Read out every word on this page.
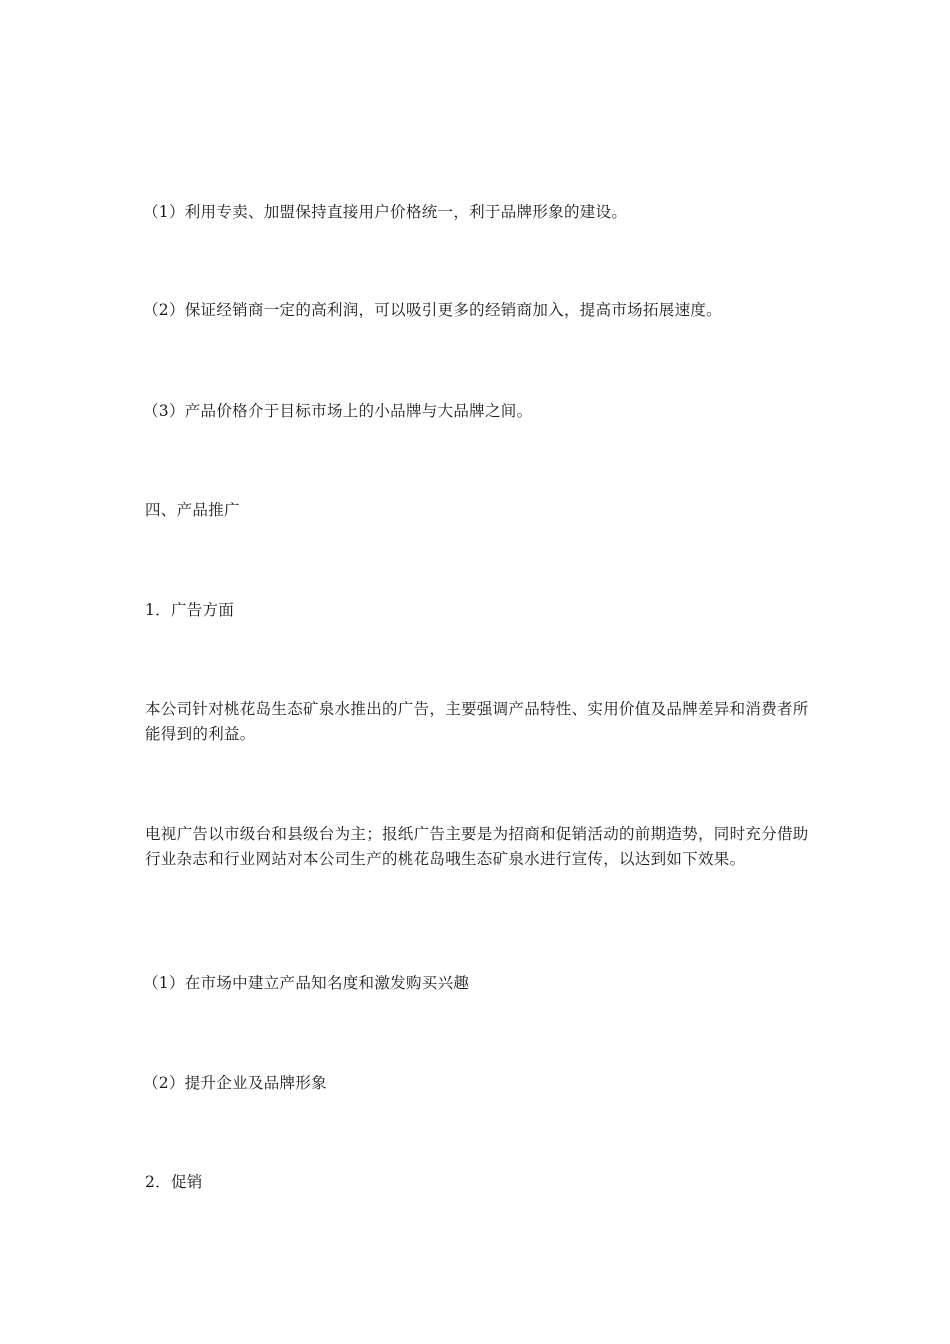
（1）利用专卖、加盟保持直接用户价格统一，利于品牌形象的建设。

（2）保证经销商一定的高利润，可以吸引更多的经销商加入，提高市场拓展速度。

（3）产品价格介于目标市场上的小品牌与大品牌之间。

四、产品推广

1．广告方面

本公司针对桃花岛生态矿泉水推出的广告，主要强调产品特性、实用价值及品牌差异和消费者所能得到的利益。

电视广告以市级台和县级台为主；报纸广告主要是为招商和促销活动的前期造势，同时充分借助行业杂志和行业网站对本公司生产的桃花岛哦生态矿泉水进行宣传，以达到如下效果。

（1）在市场中建立产品知名度和激发购买兴趣

（2）提升企业及品牌形象

2．促销
